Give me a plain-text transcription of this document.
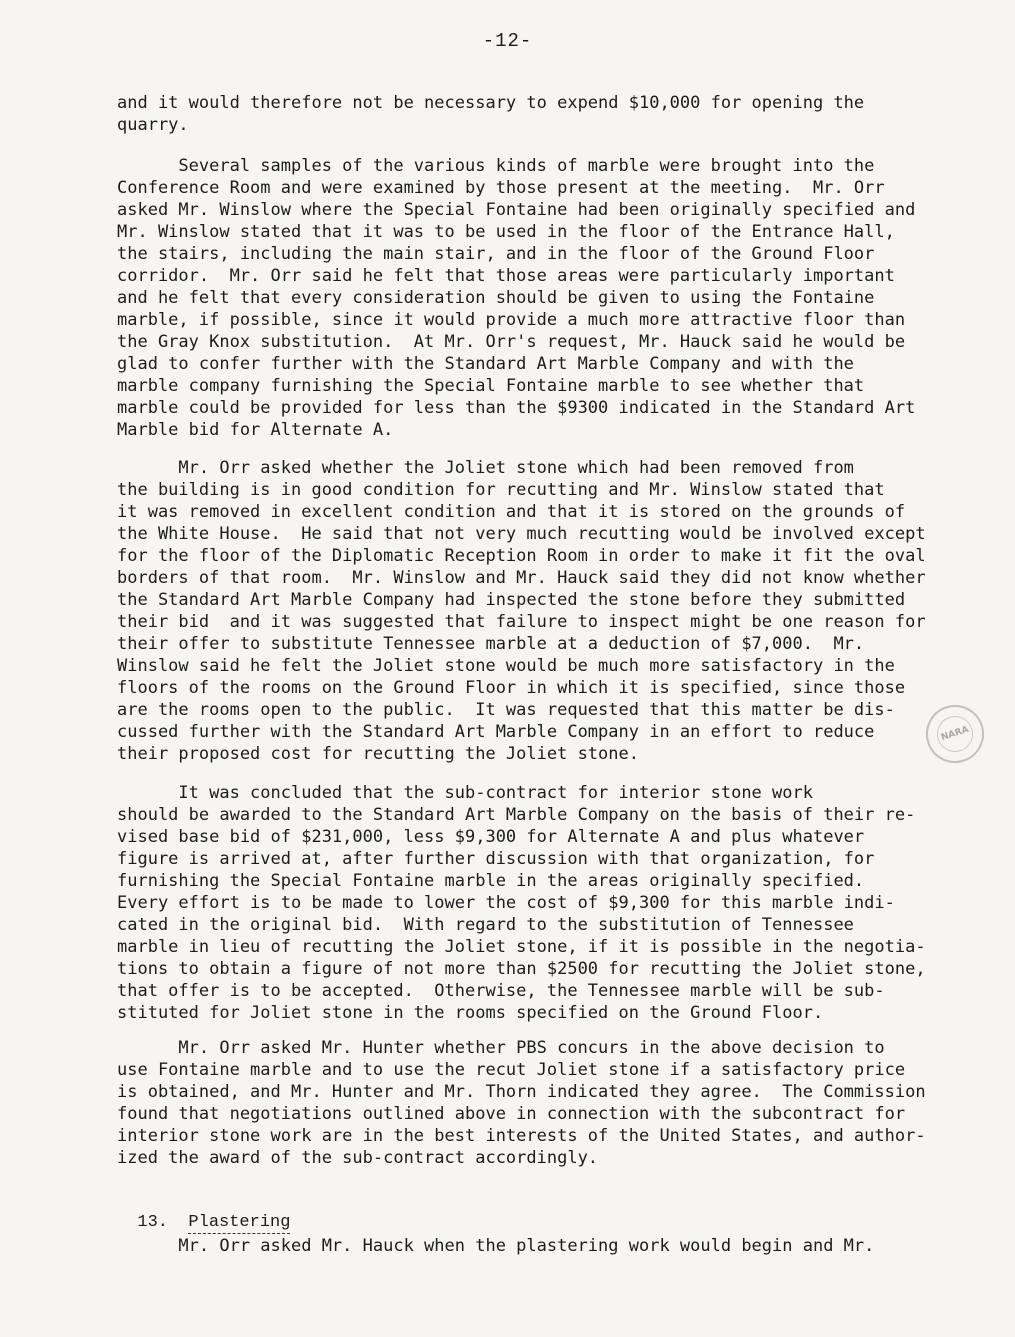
-12-
and it would therefore not be necessary to expend $10,000 for opening the
quarry.
Several samples of the various kinds of marble were brought into the
Conference Room and were examined by those present at the meeting.  Mr. Orr
asked Mr. Winslow where the Special Fontaine had been originally specified and
Mr. Winslow stated that it was to be used in the floor of the Entrance Hall,
the stairs, including the main stair, and in the floor of the Ground Floor
corridor.  Mr. Orr said he felt that those areas were particularly important
and he felt that every consideration should be given to using the Fontaine
marble, if possible, since it would provide a much more attractive floor than
the Gray Knox substitution.  At Mr. Orr's request, Mr. Hauck said he would be
glad to confer further with the Standard Art Marble Company and with the
marble company furnishing the Special Fontaine marble to see whether that
marble could be provided for less than the $9300 indicated in the Standard Art
Marble bid for Alternate A.
Mr. Orr asked whether the Joliet stone which had been removed from
the building is in good condition for recutting and Mr. Winslow stated that
it was removed in excellent condition and that it is stored on the grounds of
the White House.  He said that not very much recutting would be involved except
for the floor of the Diplomatic Reception Room in order to make it fit the oval
borders of that room.  Mr. Winslow and Mr. Hauck said they did not know whether
the Standard Art Marble Company had inspected the stone before they submitted
their bid  and it was suggested that failure to inspect might be one reason for
their offer to substitute Tennessee marble at a deduction of $7,000.  Mr.
Winslow said he felt the Joliet stone would be much more satisfactory in the
floors of the rooms on the Ground Floor in which it is specified, since those
are the rooms open to the public.  It was requested that this matter be dis-
cussed further with the Standard Art Marble Company in an effort to reduce
their proposed cost for recutting the Joliet stone.
It was concluded that the sub-contract for interior stone work
should be awarded to the Standard Art Marble Company on the basis of their re-
vised base bid of $231,000, less $9,300 for Alternate A and plus whatever
figure is arrived at, after further discussion with that organization, for
furnishing the Special Fontaine marble in the areas originally specified.
Every effort is to be made to lower the cost of $9,300 for this marble indi-
cated in the original bid.  With regard to the substitution of Tennessee
marble in lieu of recutting the Joliet stone, if it is possible in the negotia-
tions to obtain a figure of not more than $2500 for recutting the Joliet stone,
that offer is to be accepted.  Otherwise, the Tennessee marble will be sub-
stituted for Joliet stone in the rooms specified on the Ground Floor.
Mr. Orr asked Mr. Hunter whether PBS concurs in the above decision to
use Fontaine marble and to use the recut Joliet stone if a satisfactory price
is obtained, and Mr. Hunter and Mr. Thorn indicated they agree.  The Commission
found that negotiations outlined above in connection with the subcontract for
interior stone work are in the best interests of the United States, and author-
ized the award of the sub-contract accordingly.

13. Plastering

Mr. Orr asked Mr. Hauck when the plastering work would begin and Mr.
NARA
